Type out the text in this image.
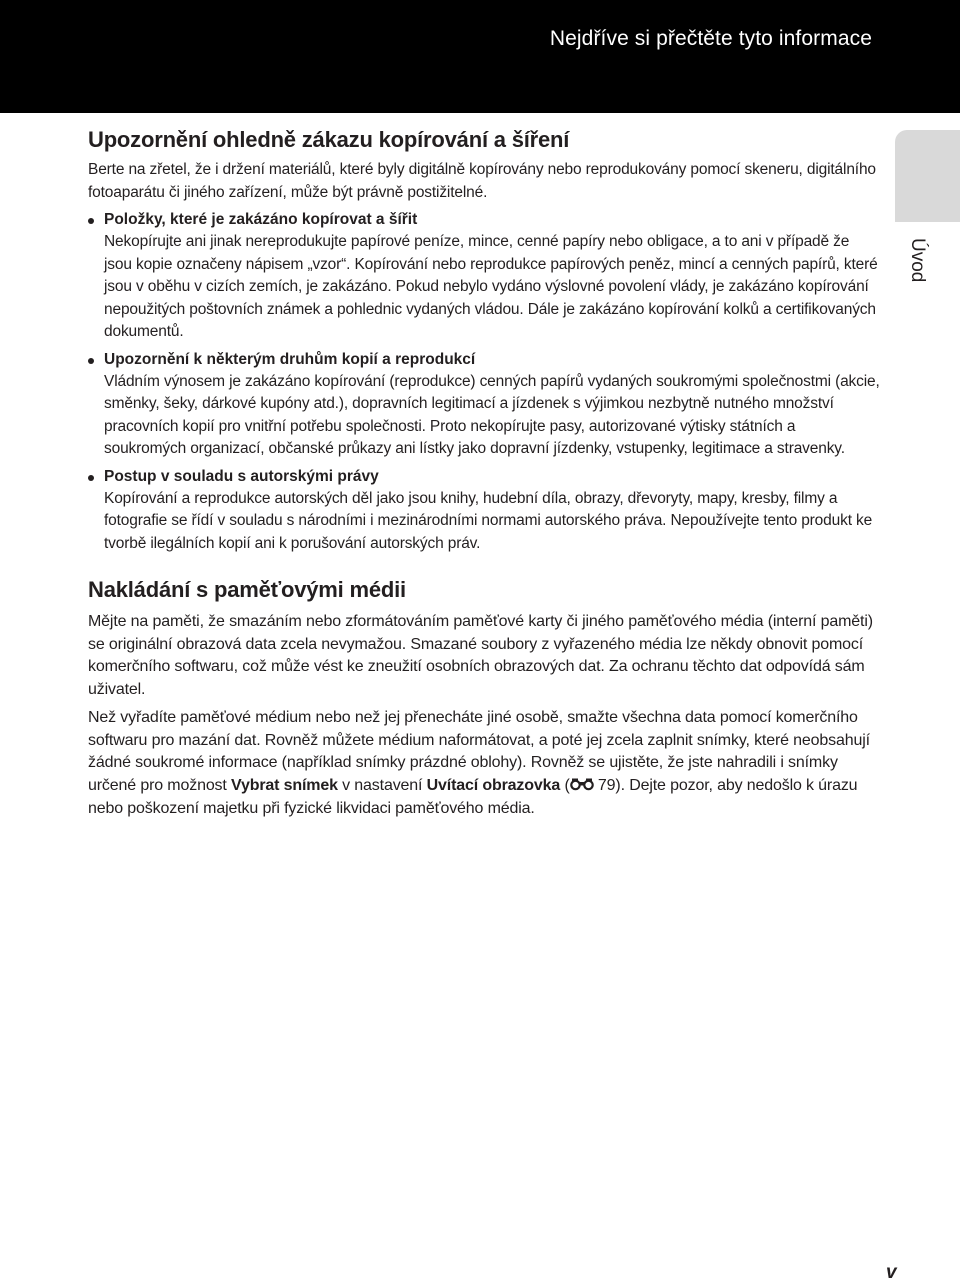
Nejdříve si přečtěte tyto informace
Úvod
Upozornění ohledně zákazu kopírování a šíření

Berte na zřetel, že i držení materiálů, které byly digitálně kopírovány nebo reprodukovány pomocí skeneru, digitálního fotoaparátu či jiného zařízení, může být právně postižitelné.

Položky, které je zakázáno kopírovat a šířit

Nekopírujte ani jinak nereprodukujte papírové peníze, mince, cenné papíry nebo obligace, a to ani v případě že jsou kopie označeny nápisem „vzor“. Kopírování nebo reprodukce papírových peněz, mincí a cenných papírů, které jsou v oběhu v cizích zemích, je zakázáno. Pokud nebylo vydáno výslovné povolení vlády, je zakázáno kopírování nepoužitých poštovních známek a pohlednic vydaných vládou. Dále je zakázáno kopírování kolků a certifikovaných dokumentů.

Upozornění k některým druhům kopií a reprodukcí

Vládním výnosem je zakázáno kopírování (reprodukce) cenných papírů vydaných soukromými společnostmi (akcie, směnky, šeky, dárkové kupóny atd.), dopravních legitimací a jízdenek s výjimkou nezbytně nutného množství pracovních kopií pro vnitřní potřebu společnosti. Proto nekopírujte pasy, autorizované výtisky státních a soukromých organizací, občanské průkazy ani lístky jako dopravní jízdenky, vstupenky, legitimace a stravenky.

Postup v souladu s autorskými právy

Kopírování a reprodukce autorských děl jako jsou knihy, hudební díla, obrazy, dřevoryty, mapy, kresby, filmy a fotografie se řídí v souladu s národními i mezinárodními normami autorského práva. Nepoužívejte tento produkt ke tvorbě ilegálních kopií ani k porušování autorských práv.

Nakládání s paměťovými médii

Mějte na paměti, že smazáním nebo zformátováním paměťové karty či jiného paměťového média (interní paměti) se originální obrazová data zcela nevymažou. Smazané soubory z vyřazeného média lze někdy obnovit pomocí komerčního softwaru, což může vést ke zneužití osobních obrazových dat. Za ochranu těchto dat odpovídá sám uživatel.

Než vyřadíte paměťové médium nebo než jej přenecháte jiné osobě, smažte všechna data pomocí komerčního softwaru pro mazání dat. Rovněž můžete médium naformátovat, a poté jej zcela zaplnit snímky, které neobsahují žádné soukromé informace (například snímky prázdné oblohy). Rovněž se ujistěte, že jste nahradili i snímky určené pro možnost Vybrat snímek v nastavení Uvítací obrazovka ( 79). Dejte pozor, aby nedošlo k úrazu nebo poškození majetku při fyzické likvidaci paměťového média.

v
